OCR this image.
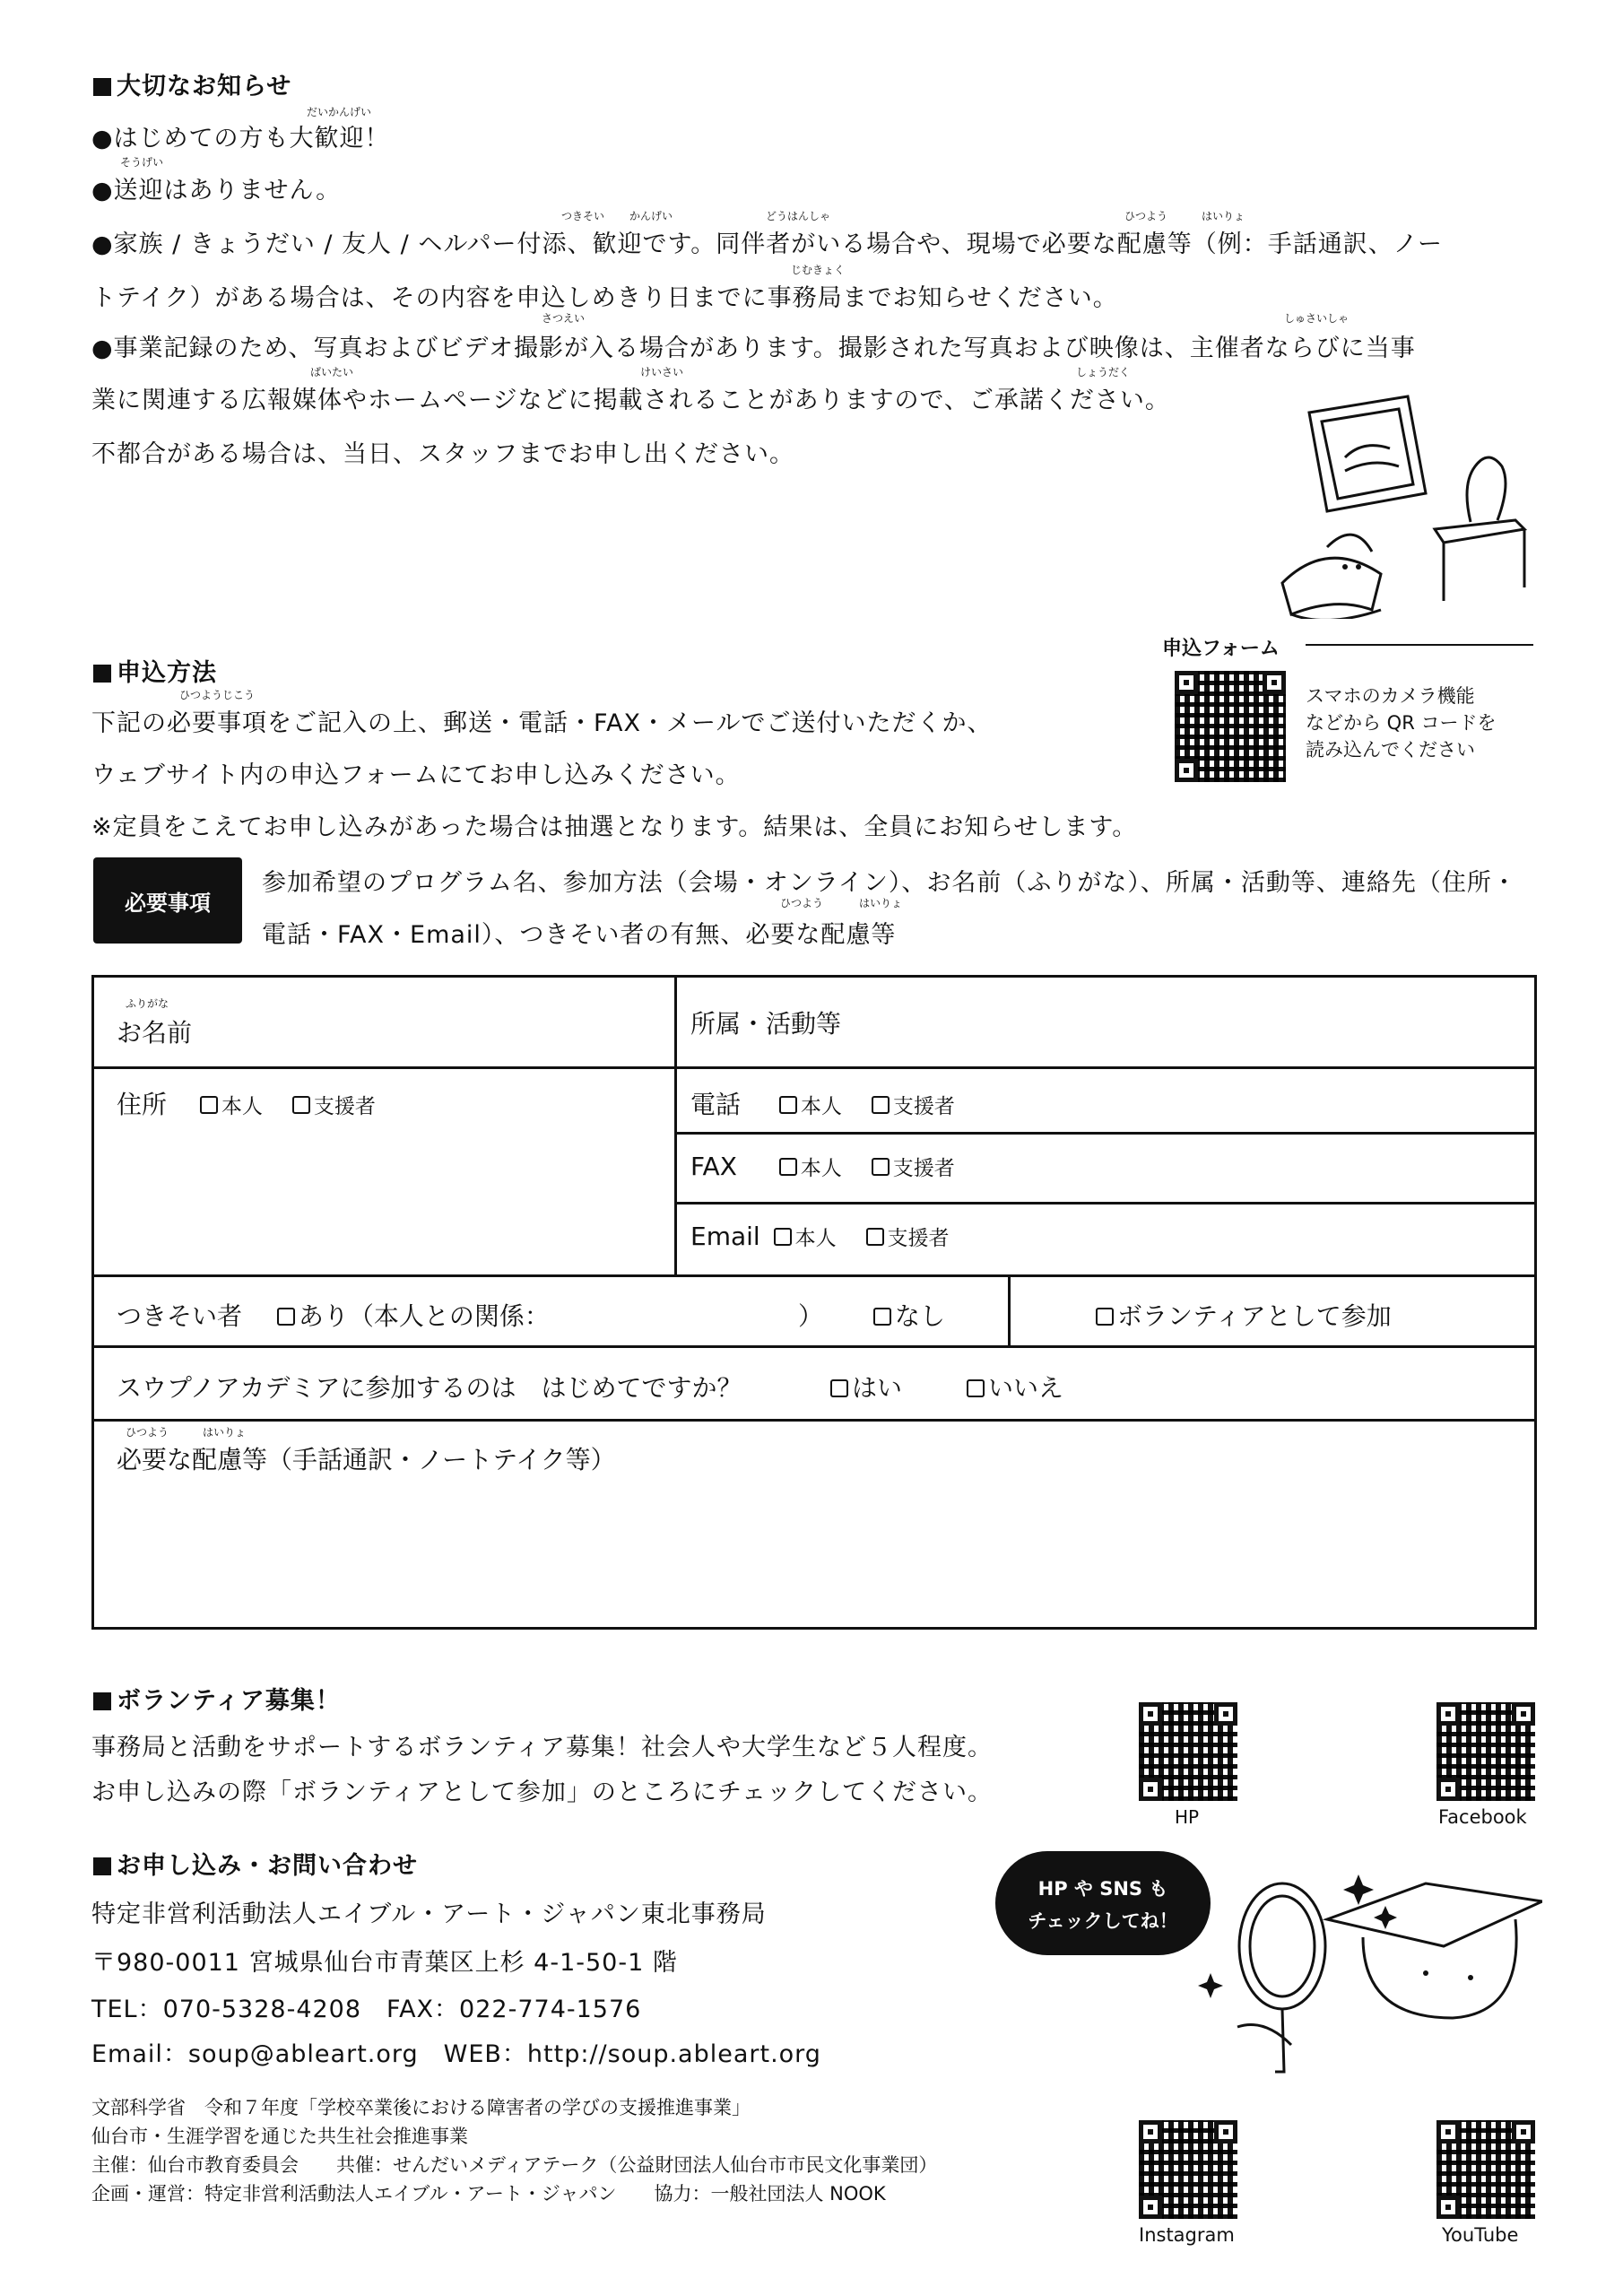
大切なお知らせ
だいかんげい
●はじめての方も大歓迎！
そうげい
●送迎はありません。
つきそい かんげい	どうはんしゃ	ひつよう	はいりょ
●家族 / きょうだい / 友人 / ヘルパー付添、歓迎です。同伴者がいる場合や、現場で必要な配慮等（例：手話通訳、ノー
じむきょく
トテイク）がある場合は、その内容を申込しめきり日までに事務局までお知らせください。
さつえい	しゅさいしゃ
●事業記録のため、写真およびビデオ撮影が入る場合があります。撮影された写真および映像は、主催者ならびに当事
ばいたい	けいさい	しょうだく
業に関連する広報媒体やホームページなどに掲載されることがありますので、ご承諾ください。
不都合がある場合は、当日、スタッフまでお申し出ください。
申込方法
ひつようじこう
下記の必要事項をご記入の上、郵送・電話・FAX・メールでご送付いただくか、
ウェブサイト内の申込フォームにてお申し込みください。
※定員をこえてお申し込みがあった場合は抽選となります。結果は、全員にお知らせします。
申込フォーム
スマホのカメラ機能
などから QR コードを
読み込んでください
必要事項
参加希望のプログラム名、参加方法（会場・オンライン）、お名前（ふりがな）、所属・活動等、連絡先（住所・
ひつよう	はいりょ
電話・FAX・Email）、つきそい者の有無、必要な配慮等
ふりがな
お名前	所属・活動等
住所	本人 支援者	電話	本人 支援者
FAX	本人 支援者
Email 本人 支援者
つきそい者 あり（本人との関係：	）	なし	ボランティアとして参加
スウプノアカデミアに参加するのは　はじめてですか？	はい	いいえ
ひつよう	はいりょ
必要な配慮等（手話通訳・ノートテイク等）
ボランティア募集！
事務局と活動をサポートするボランティア募集！社会人や大学生など５人程度。
お申し込みの際「ボランティアとして参加」のところにチェックしてください。
HP	Facebook
お申し込み・お問い合わせ
特定非営利活動法人エイブル・アート・ジャパン東北事務局
〒980-0011 宮城県仙台市青葉区上杉 4-1-50-1 階
TEL：070-5328-4208　FAX：022-774-1576
Email：soup@ableart.org　WEB：http://soup.ableart.org
HP や SNS も
チェックしてね！
文部科学省　令和７年度「学校卒業後における障害者の学びの支援推進事業」
仙台市・生涯学習を通じた共生社会推進事業
主催：仙台市教育委員会　　共催：せんだいメディアテーク（公益財団法人仙台市市民文化事業団）
企画・運営：特定非営利活動法人エイブル・アート・ジャパン　　協力：一般社団法人 NOOK
Instagram	YouTube
